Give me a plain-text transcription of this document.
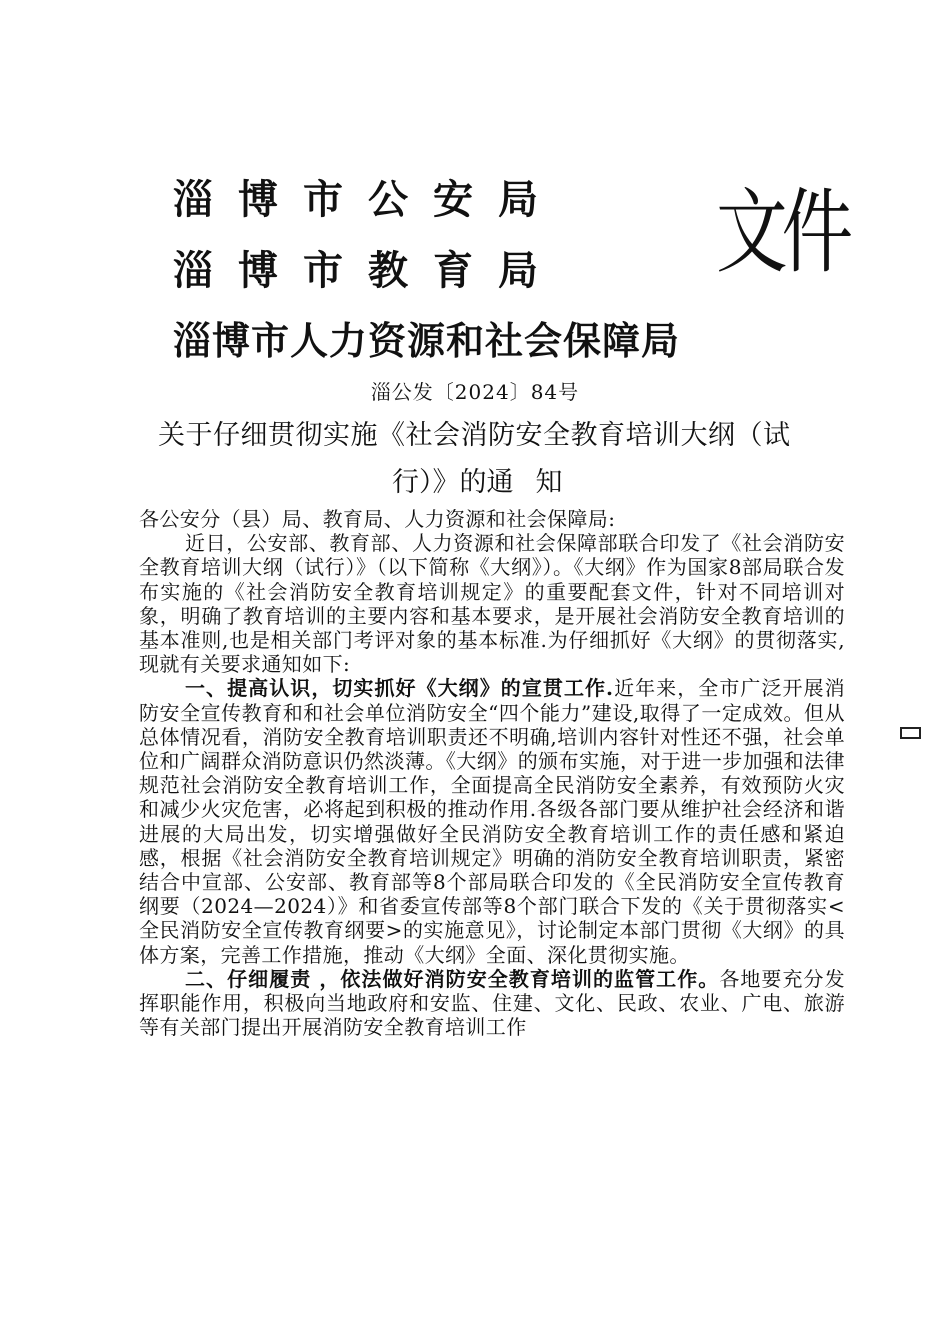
淄博市公安局
淄博市教育局
淄博市人力资源和社会保障局
文件
淄公发〔2024〕84号
关于仔细贯彻实施《社会消防安全教育培训大纲（试
行）》的通 知

各公安分（县）局、教育局、人力资源和社会保障局:

近日，公安部、教育部、人力资源和社会保障部联合印发了《社会消防安全教育培训大纲（试行）》（以下简称《大纲》）。《大纲》作为国家8部局联合发布实施的《社会消防安全教育培训规定》的重要配套文件，针对不同培训对象，明确了教育培训的主要内容和基本要求，是开展社会消防安全教育培训的基本准则,也是相关部门考评对象的基本标准.为仔细抓好《大纲》的贯彻落实,现就有关要求通知如下:

一、提高认识，切实抓好《大纲》的宣贯工作.近年来，全市广泛开展消防安全宣传教育和和社会单位消防安全“四个能力”建设,取得了一定成效。但从总体情况看，消防安全教育培训职责还不明确,培训内容针对性还不强，社会单位和广阔群众消防意识仍然淡薄。《大纲》的颁布实施，对于进一步加强和法律规范社会消防安全教育培训工作，全面提高全民消防安全素养，有效预防火灾和减少火灾危害，必将起到积极的推动作用.各级各部门要从维护社会经济和谐进展的大局出发，切实增强做好全民消防安全教育培训工作的责任感和紧迫感，根据《社会消防安全教育培训规定》明确的消防安全教育培训职责，紧密结合中宣部、公安部、教育部等8个部局联合印发的《全民消防安全宣传教育纲要（2024—2024）》和省委宣传部等8个部门联合下发的《关于贯彻落实<全民消防安全宣传教育纲要>的实施意见》，讨论制定本部门贯彻《大纲》的具体方案，完善工作措施，推动《大纲》全面、深化贯彻实施。

二、仔细履责 ，依法做好消防安全教育培训的监管工作。各地要充分发挥职能作用，积极向当地政府和安监、住建、文化、民政、农业、广电、旅游等有关部门提出开展消防安全教育培训工作
